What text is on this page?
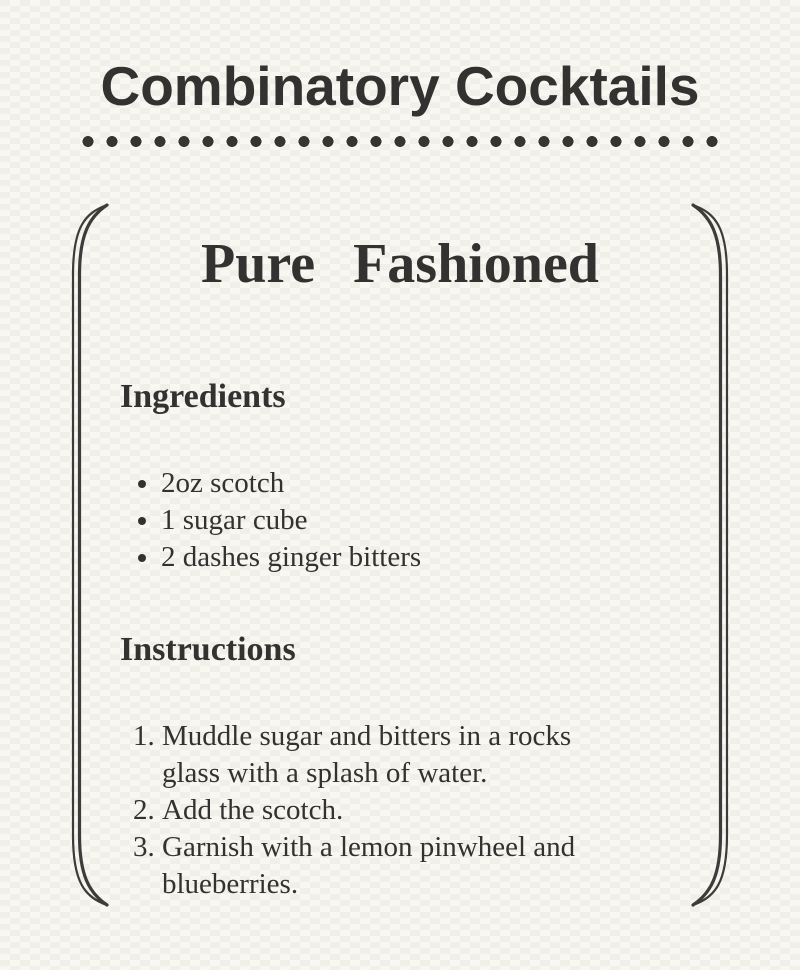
Combinatory Cocktails
Pure Fashioned
Ingredients
• 2oz scotch
• 1 sugar cube
• 2 dashes ginger bitters
Instructions
1. Muddle sugar and bitters in a rocks glass with a splash of water.
2. Add the scotch.
3. Garnish with a lemon pinwheel and blueberries.
